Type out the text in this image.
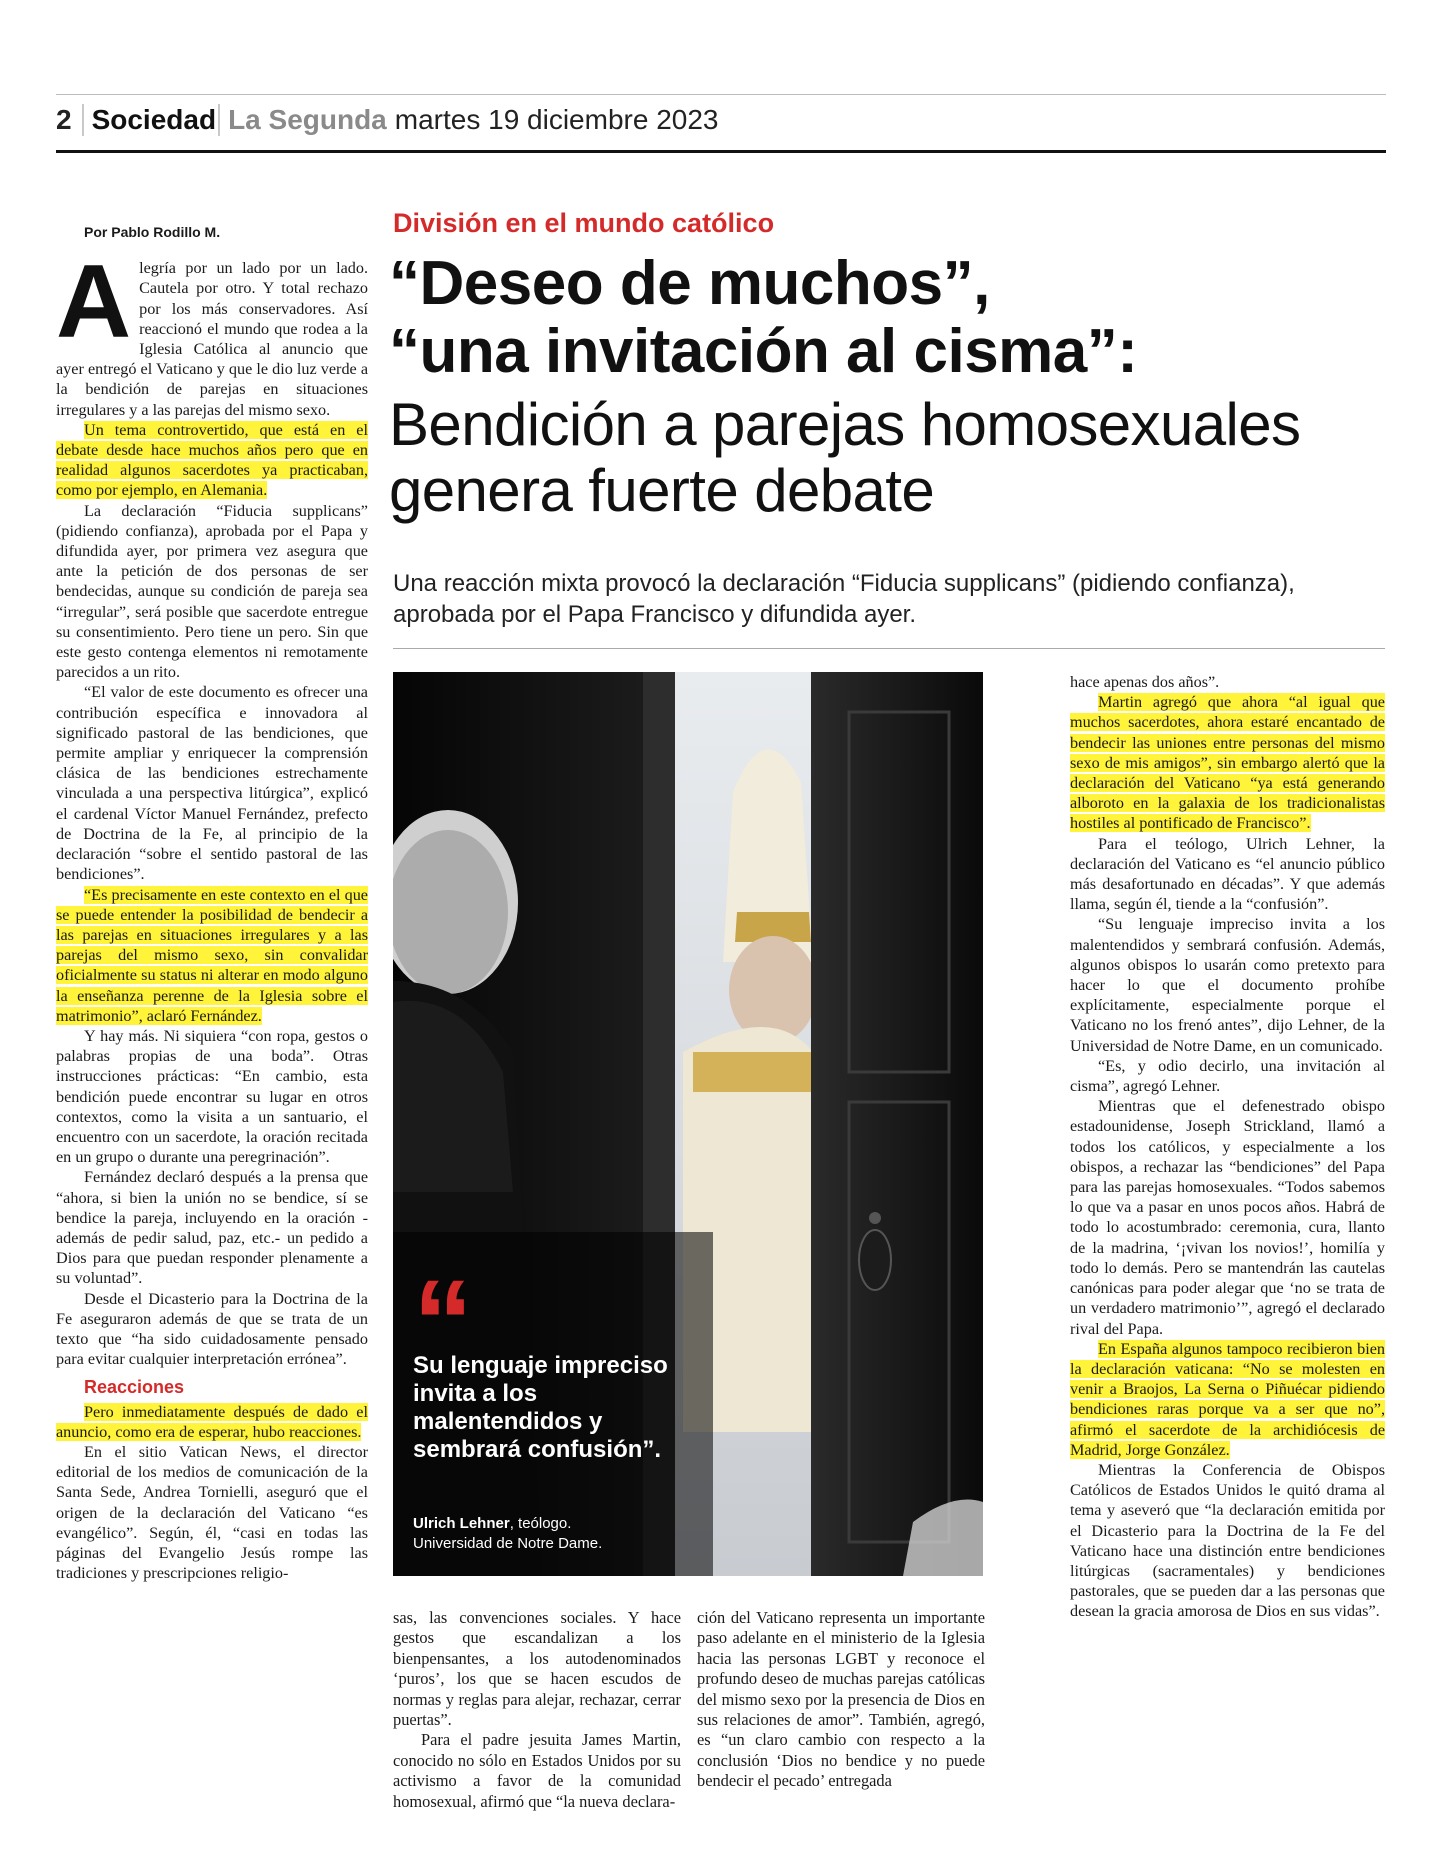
2 Sociedad La Segunda martes 19 diciembre 2023
División en el mundo católico
“Deseo de muchos”,
“una invitación al cisma”:
Bendición a parejas homosexuales
genera fuerte debate
Una reacción mixta provocó la declaración “Fiducia supplicans” (pidiendo confianza), aprobada por el Papa Francisco y difundida ayer.

Por Pablo Rodillo M.

Alegría por un lado por un lado. Cautela por otro. Y total rechazo por los más conservadores. Así reaccionó el mundo que rodea a la Iglesia Católica al anuncio que ayer entregó el Vaticano y que le dio luz verde a la bendición de parejas en situaciones irregulares y a las parejas del mismo sexo.

Un tema controvertido, que está en el debate desde hace muchos años pero que en realidad algunos sacerdotes ya practicaban, como por ejemplo, en Alemania.

La declaración “Fiducia supplicans” (pidiendo confianza), aprobada por el Papa y difundida ayer, por primera vez asegura que ante la petición de dos personas de ser bendecidas, aunque su condición de pareja sea “irregular”, será posible que sacerdote entregue su consentimiento. Pero tiene un pero. Sin que este gesto contenga elementos ni remotamente parecidos a un rito.

“El valor de este documento es ofrecer una contribución específica e innovadora al significado pastoral de las bendiciones, que permite ampliar y enriquecer la comprensión clásica de las bendiciones estrechamente vinculada a una perspectiva litúrgica”, explicó el cardenal Víctor Manuel Fernández, prefecto de Doctrina de la Fe, al principio de la declaración “sobre el sentido pastoral de las bendiciones”.

“Es precisamente en este contexto en el que se puede entender la posibilidad de bendecir a las parejas en situaciones irregulares y a las parejas del mismo sexo, sin convalidar oficialmente su status ni alterar en modo alguno la enseñanza perenne de la Iglesia sobre el matrimonio”, aclaró Fernández.

Y hay más. Ni siquiera “con ropa, gestos o palabras propias de una boda”. Otras instrucciones prácticas: “En cambio, esta bendición puede encontrar su lugar en otros contextos, como la visita a un santuario, el encuentro con un sacerdote, la oración recitada en un grupo o durante una peregrinación”.

Fernández declaró después a la prensa que “ahora, si bien la unión no se bendice, sí se bendice la pareja, incluyendo en la oración -además de pedir salud, paz, etc.- un pedido a Dios para que puedan responder plenamente a su voluntad”.

Desde el Dicasterio para la Doctrina de la Fe aseguraron además de que se trata de un texto que “ha sido cuidadosamente pensado para evitar cualquier interpretación errónea”.

Reacciones

Pero inmediatamente después de dado el anuncio, como era de esperar, hubo reacciones.

En el sitio Vatican News, el director editorial de los medios de comunicación de la Santa Sede, Andrea Tornielli, aseguró que el origen de la declaración del Vaticano “es evangélico”. Según, él, “casi en todas las páginas del Evangelio Jesús rompe las tradiciones y prescripciones religio-

“
Su lenguaje impreciso invita a los malentendidos y sembrará confusión”.
Ulrich Lehner, teólogo.
Universidad de Notre Dame.

sas, las convenciones sociales. Y hace gestos que escandalizan a los bienpensantes, a los autodenominados ‘puros’, los que se hacen escudos de normas y reglas para alejar, rechazar, cerrar puertas”.

Para el padre jesuita James Martin, conocido no sólo en Estados Unidos por su activismo a favor de la comunidad homosexual, afirmó que “la nueva declara-

ción del Vaticano representa un importante paso adelante en el ministerio de la Iglesia hacia las personas LGBT y reconoce el profundo deseo de muchas parejas católicas del mismo sexo por la presencia de Dios en sus relaciones de amor”. También, agregó, es “un claro cambio con respecto a la conclusión ‘Dios no bendice y no puede bendecir el pecado’ entregada

hace apenas dos años”.

Martin agregó que ahora “al igual que muchos sacerdotes, ahora estaré encantado de bendecir las uniones entre personas del mismo sexo de mis amigos”, sin embargo alertó que la declaración del Vaticano “ya está generando alboroto en la galaxia de los tradicionalistas hostiles al pontificado de Francisco”.

Para el teólogo, Ulrich Lehner, la declaración del Vaticano es “el anuncio público más desafortunado en décadas”. Y que además llama, según él, tiende a la “confusión”.

“Su lenguaje impreciso invita a los malentendidos y sembrará confusión. Además, algunos obispos lo usarán como pretexto para hacer lo que el documento prohíbe explícitamente, especialmente porque el Vaticano no los frenó antes”, dijo Lehner, de la Universidad de Notre Dame, en un comunicado.

“Es, y odio decirlo, una invitación al cisma”, agregó Lehner.

Mientras que el defenestrado obispo estadounidense, Joseph Strickland, llamó a todos los católicos, y especialmente a los obispos, a rechazar las “bendiciones” del Papa para las parejas homosexuales. “Todos sabemos lo que va a pasar en unos pocos años. Habrá de todo lo acostumbrado: ceremonia, cura, llanto de la madrina, ‘¡vivan los novios!’, homilía y todo lo demás. Pero se mantendrán las cautelas canónicas para poder alegar que ‘no se trata de un verdadero matrimonio’”, agregó el declarado rival del Papa.

En España algunos tampoco recibieron bien la declaración vaticana: “No se molesten en venir a Braojos, La Serna o Piñuécar pidiendo bendiciones raras porque va a ser que no”, afirmó el sacerdote de la archidiócesis de Madrid, Jorge González.

Mientras la Conferencia de Obispos Católicos de Estados Unidos le quitó drama al tema y aseveró que “la declaración emitida por el Dicasterio para la Doctrina de la Fe del Vaticano hace una distinción entre bendiciones litúrgicas (sacramentales) y bendiciones pastorales, que se pueden dar a las personas que desean la gracia amorosa de Dios en sus vidas”.
